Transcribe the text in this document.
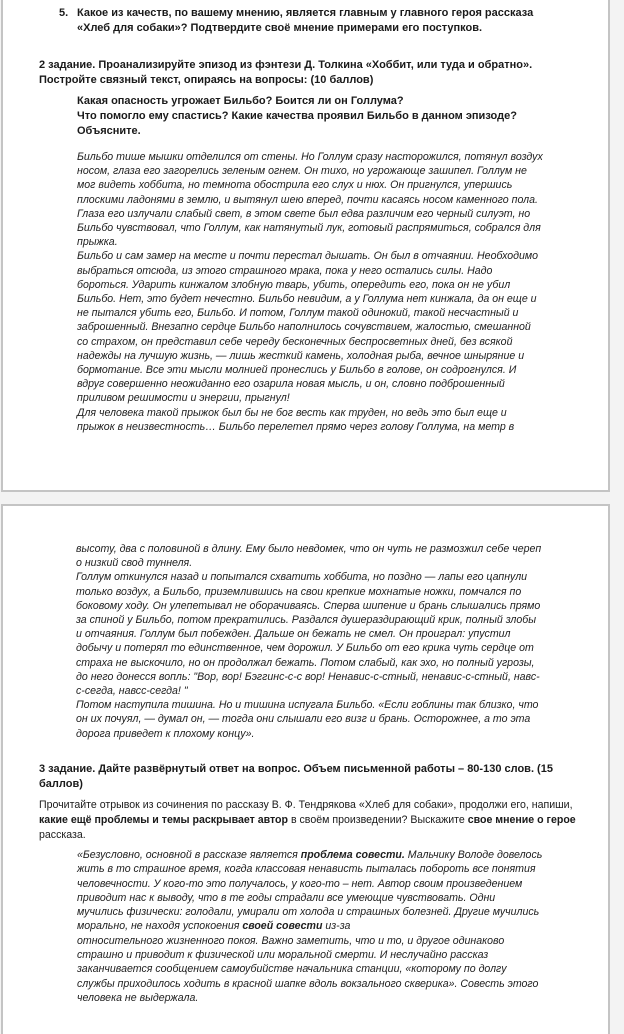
5. Какое из качеств, по вашему мнению, является главным у главного героя рассказа «Хлеб для собаки»? Подтвердите своё мнение примерами его поступков.
2 задание. Проанализируйте эпизод из фэнтези Д. Толкина «Хоббит, или туда и обратно».
Постройте связный текст, опираясь на вопросы: (10 баллов)
Какая опасность угрожает Бильбо? Боится ли он Голлума?
Что помогло ему спастись? Какие качества проявил Бильбо в данном эпизоде?
Объясните.

Бильбо тише мышки отделился от стены. Но Голлум сразу насторожился, потянул воздух

носом, глаза его загорелись зеленым огнем. Он тихо, но угрожающе зашипел. Голлум не

мог видеть хоббита, но темнота обострила его слух и нюх. Он пригнулся, упершись

плоскими ладонями в землю, и вытянул шею вперед, почти касаясь носом каменного пола.

Глаза его излучали слабый свет, в этом свете был едва различим его черный силуэт, но

Бильбо чувствовал, что Голлум, как натянутый лук, готовый распрямиться, собрался для

прыжка.

Бильбо и сам замер на месте и почти перестал дышать. Он был в отчаянии. Необходимо

выбраться отсюда, из этого страшного мрака, пока у него остались силы. Надо

бороться. Ударить кинжалом злобную тварь, убить, опередить его, пока он не убил

Бильбо. Нет, это будет нечестно. Бильбо невидим, а у Голлума нет кинжала, да он еще и

не пытался убить его, Бильбо. И потом, Голлум такой одинокий, такой несчастный и

заброшенный. Внезапно сердце Бильбо наполнилось сочувствием, жалостью, смешанной

со страхом, он представил себе череду бесконечных беспросветных дней, без всякой

надежды на лучшую жизнь, — лишь жесткий камень, холодная рыба, вечное шныряние и

бормотание. Все эти мысли молнией пронеслись у Бильбо в голове, он содрогнулся. И

вдруг совершенно неожиданно его озарила новая мысль, и он, словно подброшенный

приливом решимости и энергии, прыгнул!

Для человека такой прыжок был бы не бог весть как труден, но ведь это был еще и

прыжок в неизвестность… Бильбо перелетел прямо через голову Голлума, на метр в

высоту, два с половиной в длину. Ему было невдомек, что он чуть не размозжил себе череп

о низкий свод туннеля.

Голлум откинулся назад и попытался схватить хоббита, но поздно — лапы его цапнули

только воздух, а Бильбо, приземлившись на свои крепкие мохнатые ножки, помчался по

боковому ходу. Он улепетывал не оборачиваясь. Сперва шипение и брань слышались прямо

за спиной у Бильбо, потом прекратились. Раздался душераздирающий крик, полный злобы

и отчаяния. Голлум был побежден. Дальше он бежать не смел. Он проиграл: упустил

добычу и потерял то единственное, чем дорожил. У Бильбо от его крика чуть сердце от

страха не выскочило, но он продолжал бежать. Потом слабый, как эхо, но полный угрозы,

до него донесся вопль: "Вор, вор! Бэггинс-с-с вор! Ненавис-с-стный, ненавис-с-стный, навс-

с-сегда, навсс-сегда! "

Потом наступила тишина. Но и тишина испугала Бильбо. «Если гоблины так близко, что

он их почуял, — думал он, — тогда они слышали его визг и брань. Осторожнее, а то эта

дорога приведет к плохому концу».

3 задание. Дайте развёрнутый ответ на вопрос. Объем письменной работы – 80-130 слов. (15
баллов)
Прочитайте отрывок из сочинения по рассказу В. Ф. Тендрякова «Хлеб для собаки», продолжи его, напиши, какие ещё проблемы и темы раскрывает автор в своём произведении? Выскажите свое мнение о герое рассказа.
«Безусловно, основной в рассказе является проблема совести. Мальчику Володе довелось
жить в то страшное время, когда классовая ненависть пыталась побороть все понятия
человечности. У кого-то это получалось, у кого-то – нет. Автор своим произведением
приводит нас к выводу, что в те годы страдали все умеющие чувствовать. Одни
мучились физически: голодали, умирали от холода и страшных болезней. Другие мучились
морально, не находя успокоения своей совести из-за
относительного жизненного покоя. Важно заметить, что и то, и другое одинаково
страшно и приводит к физической или моральной смерти. И неслучайно рассказ
заканчивается сообщением самоубийстве начальника станции, «которому по долгу
службы приходилось ходить в красной шапке вдоль вокзального скверика». Совесть этого
человека не выдержала.
